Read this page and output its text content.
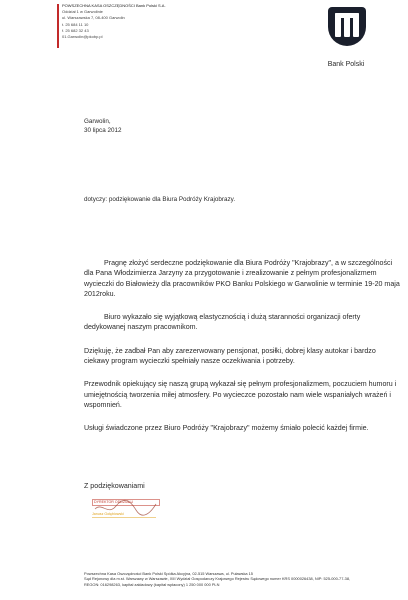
POWSZECHNA KASA OSZCZĘDNOŚCI Bank Polski S.A.
Oddział 1 w Garwolinie
ul. Warszawska 7, 08-400 Garwolin
t. 25 684 11 10
f. 25 682 32 43
01.Garwolin@pkobp.pl
Bank Polski
Garwolin,
30 lipca 2012
dotyczy: podziękowanie dla Biura Podróży Krajobrazy.

Pragnę złożyć serdeczne podziękowanie dla Biura Podróży "Krajobrazy", a w szczególności dla Pana Włodzimierza Jarzyny za przygotowanie i zrealizowanie z pełnym profesjonalizmem wycieczki do Białowieży dla pracowników PKO Banku Polskiego w Garwolinie w terminie 19-20 maja 2012roku.

Biuro wykazało się wyjątkową elastycznością i dużą staranności organizacji oferty dedykowanej naszym pracownikom.

Dziękuję, że zadbał Pan aby zarezerwowany pensjonat, posiłki, dobrej klasy autokar i bardzo ciekawy program wycieczki spełniały nasze oczekiwania i potrzeby.

Przewodnik opiekujący się naszą grupą wykazał się pełnym profesjonalizmem, poczuciem humoru i umiejętnością tworzenia miłej atmosfery. Po wycieczce pozostało nam wiele wspaniałych wrażeń i wspomnień.

Usługi świadczone przez Biuro Podróży "Krajobrazy" możemy śmiało polecić każdej firmie.

Z podziękowaniami
DYREKTOR ODDZIAŁU
Janusz Gołębiowski
Powszechna Kasa Oszczędności Bank Polski Spółka Akcyjna, 02-515 Warszawa, ul. Puławska 15
Sąd Rejonowy dla m.st. Warszawy w Warszawie, XIII Wydział Gospodarczy Krajowego Rejestru Sądowego numer KRS 0000026438, NIP: 525-000-77-38,
REGON: 016298263, kapitał zakładowy (kapitał wpłacony) 1 250 000 000 PLN
